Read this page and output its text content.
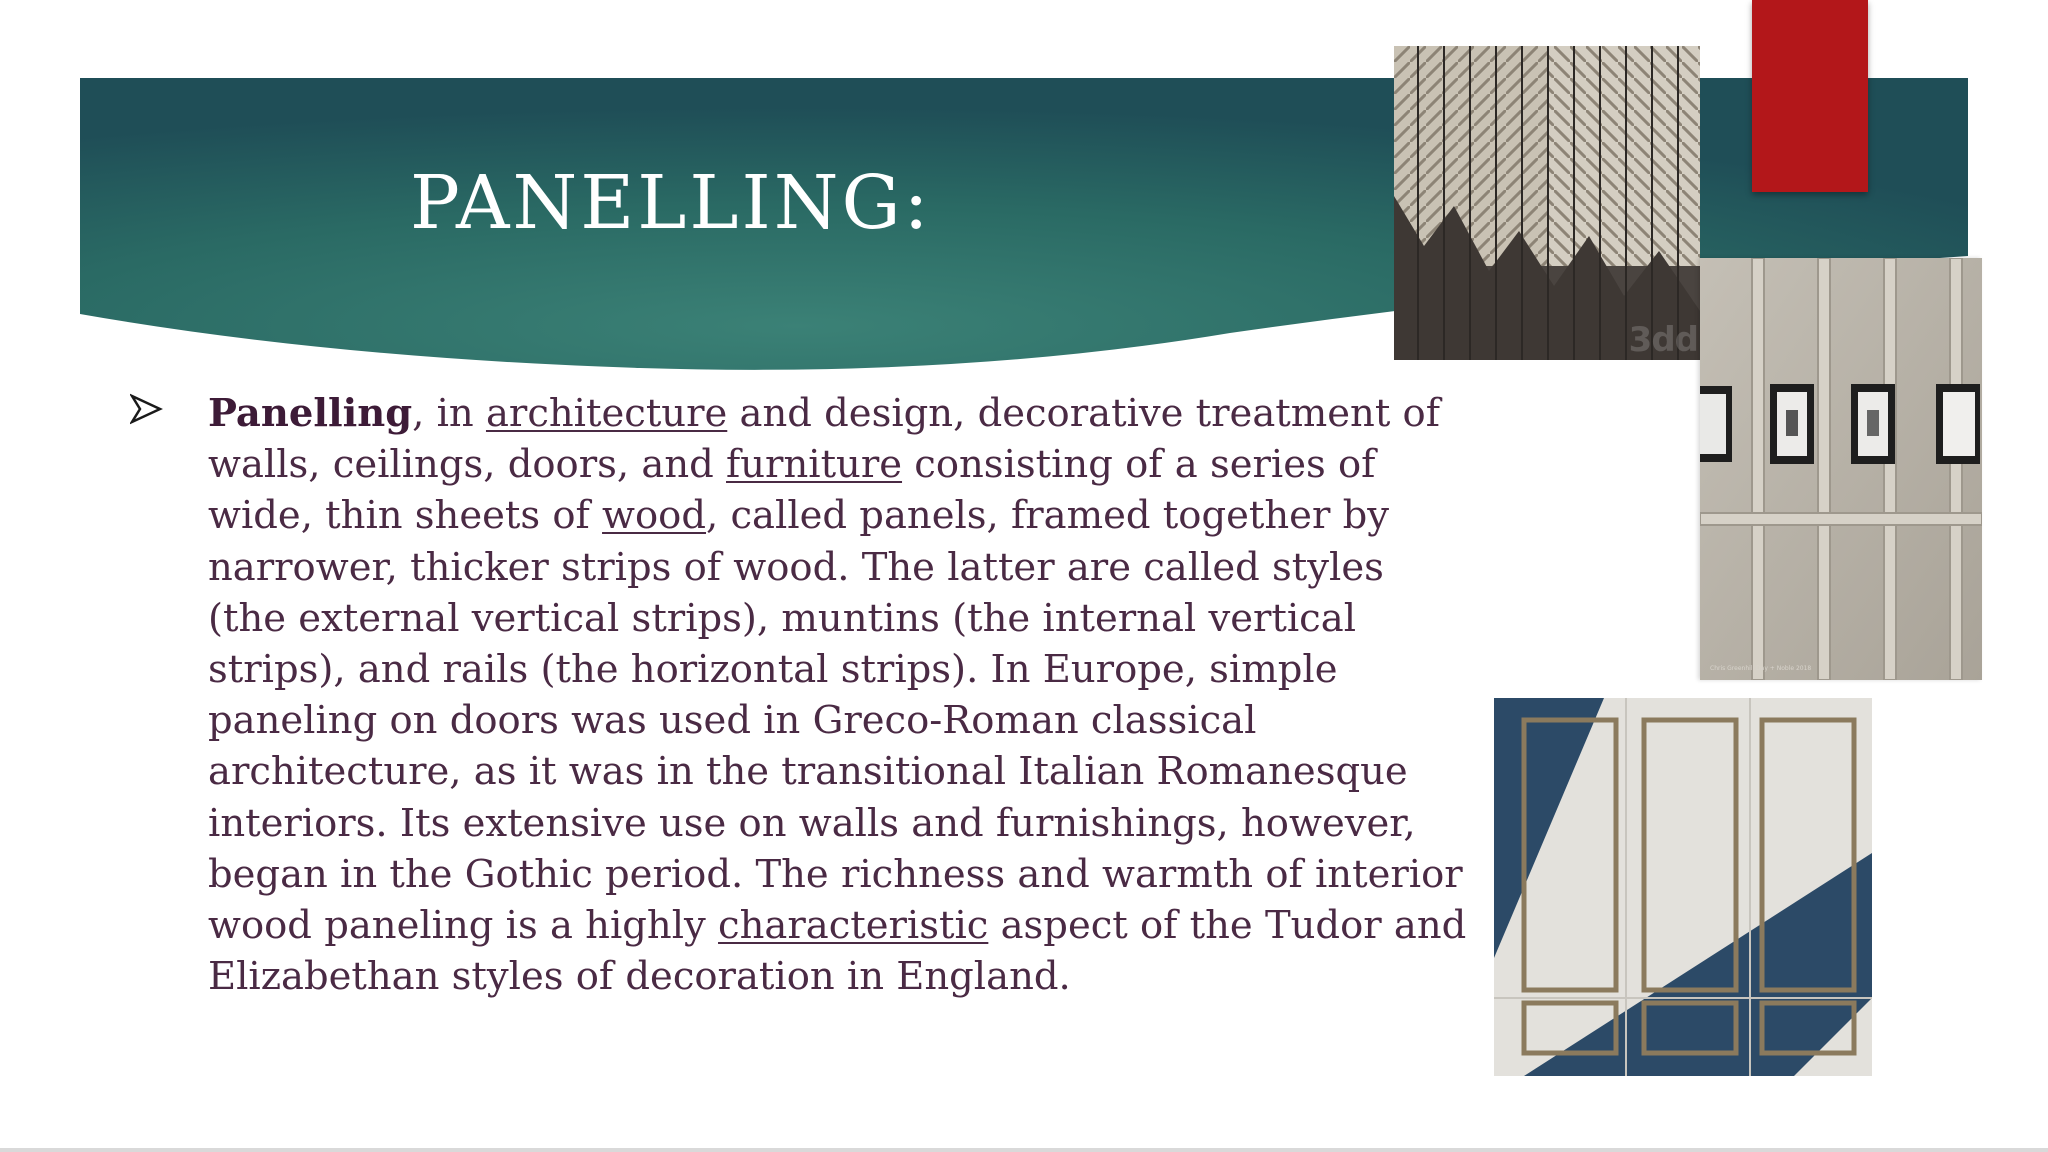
PANELLING:

3dd

Chris Greenhill Day + Noble 2018

Panelling, in architecture and design, decorative treatment of
walls, ceilings, doors, and furniture consisting of a series of
wide, thin sheets of wood, called panels, framed together by
narrower, thicker strips of wood. The latter are called styles
(the external vertical strips), muntins (the internal vertical
strips), and rails (the horizontal strips). In Europe, simple
paneling on doors was used in Greco-Roman classical
architecture, as it was in the transitional Italian Romanesque
interiors. Its extensive use on walls and furnishings, however,
began in the Gothic period. The richness and warmth of interior
wood paneling is a highly characteristic aspect of the Tudor and
Elizabethan styles of decoration in England.
